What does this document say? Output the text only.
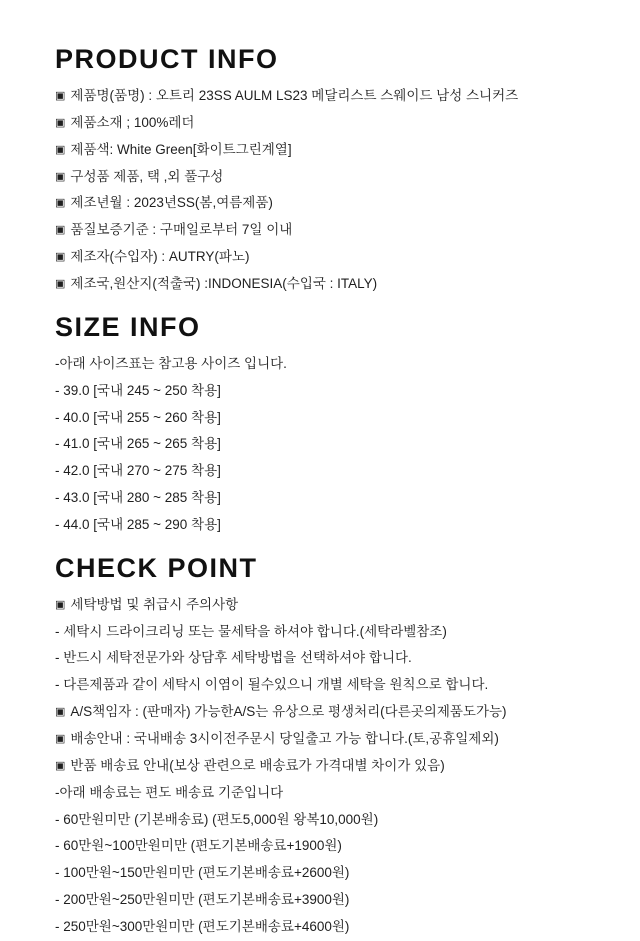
PRODUCT INFO

▣ 제품명(품명) : 오트리 23SS AULM LS23 메달리스트 스웨이드 남성 스니커즈

▣ 제품소재 ; 100%레더

▣ 제품색: White Green[화이트그린계열]

▣ 구성품 제품, 택 ,외 풀구성

▣ 제조년월 : 2023년SS(봄,여름제품)

▣ 품질보증기준 : 구매일로부터 7일 이내

▣ 제조자(수입자) : AUTRY(파노)

▣ 제조국,원산지(적출국) :INDONESIA(수입국 : ITALY)

SIZE INFO

-아래 사이즈표는 참고용 사이즈 입니다.

- 39.0 [국내 245 ~ 250 착용]

- 40.0 [국내 255 ~ 260 착용]

- 41.0 [국내 265 ~ 265 착용]

- 42.0 [국내 270 ~ 275 착용]

- 43.0 [국내 280 ~ 285 착용]

- 44.0 [국내 285 ~ 290 착용]

CHECK POINT

▣ 세탁방법 및 취급시 주의사항

- 세탁시 드라이크리닝 또는 물세탁을 하셔야 합니다.(세탁라벨참조)

- 반드시 세탁전문가와 상담후 세탁방법을 선택하셔야 합니다.

- 다른제품과 같이 세탁시 이염이 될수있으니 개별 세탁을 원칙으로 합니다.

▣ A/S책임자 : (판매자) 가능한A/S는 유상으로 평생처리(다른곳의제품도가능)

▣ 배송안내 : 국내배송 3시이전주문시 당일출고 가능 합니다.(토,공휴일제외)

▣ 반품 배송료 안내(보상 관련으로 배송료가 가격대별 차이가 있음)

-아래 배송료는 편도 배송료 기준입니다

- 60만원미만 (기본배송료) (편도5,000원 왕복10,000원)

- 60만원~100만원미만 (편도기본배송료+1900원)

- 100만원~150만원미만 (편도기본배송료+2600원)

- 200만원~250만원미만 (편도기본배송료+3900원)

- 250만원~300만원미만 (편도기본배송료+4600원)
